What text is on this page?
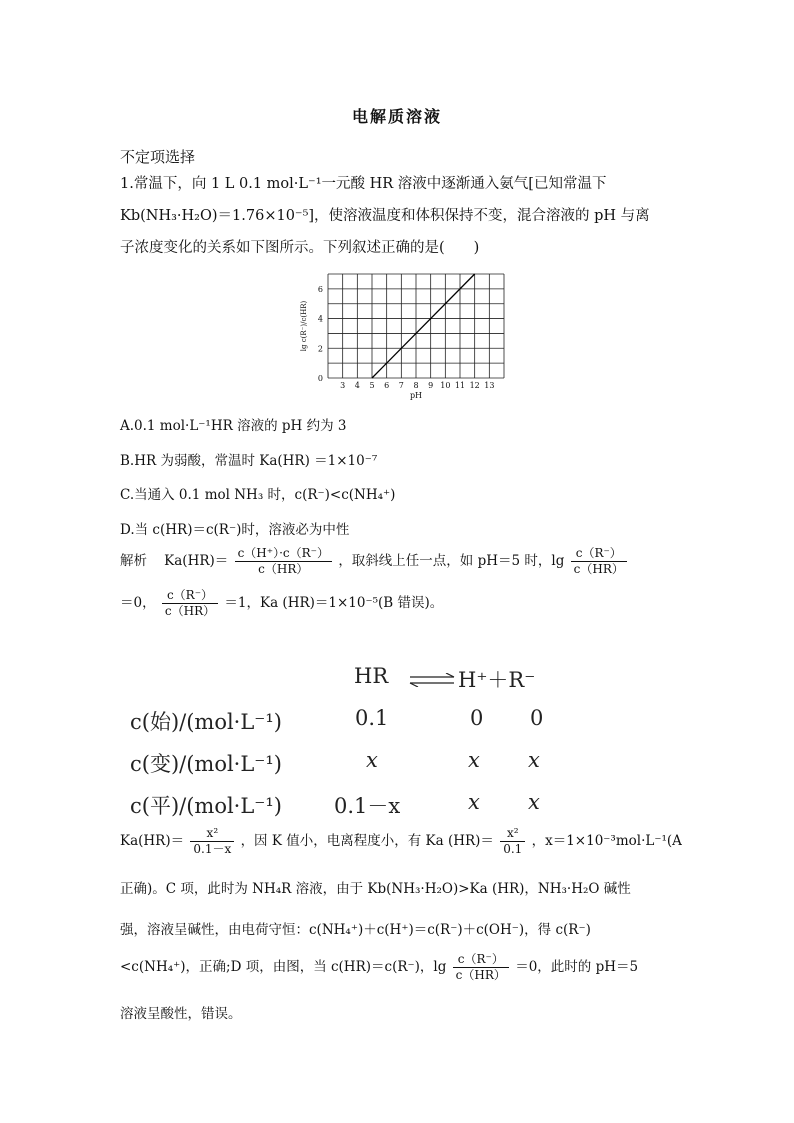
电解质溶液
不定项选择
1.常温下，向 1 L 0.1 mol·L⁻¹一元酸 HR 溶液中逐渐通入氨气[已知常温下
Kb(NH₃·H₂O)＝1.76×10⁻⁵]，使溶液温度和体积保持不变，混合溶液的 pH 与离
子浓度变化的关系如下图所示。下列叙述正确的是(　　)
3 4 5 6 7 8 9 10 11 12 13
0
2
4
6
pH
lg c(R⁻)/c(HR)
A.0.1 mol·L⁻¹HR 溶液的 pH 约为 3
B.HR 为弱酸，常温时 Ka(HR) ＝1×10⁻⁷
C.当通入 0.1 mol NH₃ 时，c(R⁻)<c(NH₄⁺)
D.当 c(HR)＝c(R⁻)时，溶液必为中性
解析 $Ka(HR)= \frac{c(H^+)\cdot c(R^-)}{c(HR)}$ ，取斜线上任一点，如 pH＝5 时，$\lg \frac{c(R^-)}{c(HR)}$
＝0， $\frac{c(R^-)}{c(HR)} =1$，Ka (HR)＝1×10⁻⁵(B 错误)。
HR ⇌ H⁺＋R⁻
c(始)/(mol·L⁻¹)	0.1	0 0
c(变)/(mol·L⁻¹)	x	x x
c(平)/(mol·L⁻¹) 0.1－x	x x
$Ka(HR)= \frac{\text{x²}}{0.1-x}$ ，因 K 值小，电离程度小，有 Ka $(HR)= \frac{\text{x²}}{0.1}$ ，x＝1×10⁻³mol·L⁻¹(A
正确)。C 项，此时为 NH₄R 溶液，由于 Kb(NH₃·H₂O)>Ka (HR)，NH₃·H₂O 碱性
强，溶液呈碱性，由电荷守恒：c(NH₄⁺)＋c(H⁺)＝c(R⁻)＋c(OH⁻)，得 c(R⁻)
<c(NH₄⁺)，正确;D 项，由图，当 c(HR)＝c(R⁻)，$\lg \frac{c(R^-)}{c(HR)} =0$，此时的 pH＝5
溶液呈酸性，错误。
